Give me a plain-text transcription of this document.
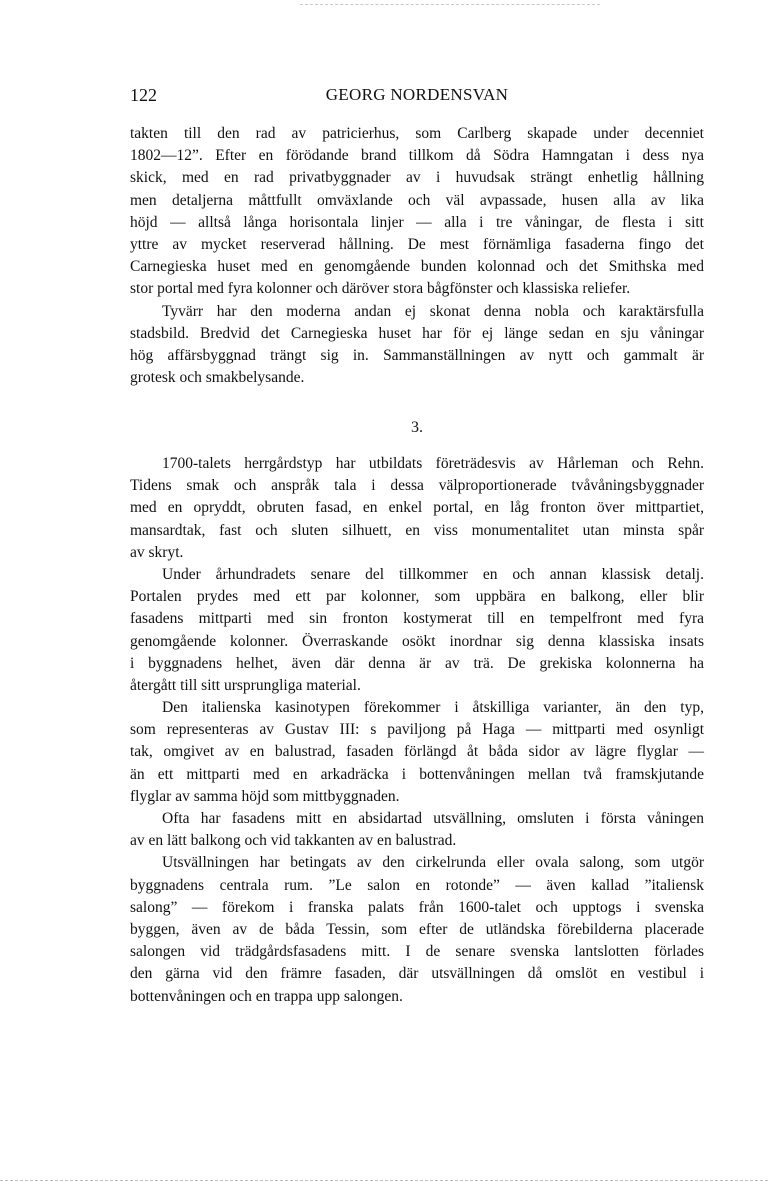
122	GEORG NORDENSVAN
takten till den rad av patricierhus, som Carlberg skapade under decenniet
1802—12”. Efter en förödande brand tillkom då Södra Hamngatan i dess nya
skick, med en rad privatbyggnader av i huvudsak strängt enhetlig hållning
men detaljerna måttfullt omväxlande och väl avpassade, husen alla av lika
höjd — alltså långa horisontala linjer — alla i tre våningar, de flesta i sitt
yttre av mycket reserverad hållning. De mest förnämliga fasaderna fingo det
Carnegieska huset med en genomgående bunden kolonnad och det Smithska med
stor portal med fyra kolonner och däröver stora bågfönster och klassiska reliefer.
Tyvärr har den moderna andan ej skonat denna nobla och karaktärsfulla
stadsbild. Bredvid det Carnegieska huset har för ej länge sedan en sju våningar
hög affärsbyggnad trängt sig in. Sammanställningen av nytt och gammalt är
grotesk och smakbelysande.
3.
1700-talets herrgårdstyp har utbildats företrädesvis av Hårleman och Rehn.
Tidens smak och anspråk tala i dessa välproportionerade tvåvåningsbyggnader
med en opryddt, obruten fasad, en enkel portal, en låg fronton över mittpartiet,
mansardtak, fast och sluten silhuett, en viss monumentalitet utan minsta spår
av skryt.
Under århundradets senare del tillkommer en och annan klassisk detalj.
Portalen prydes med ett par kolonner, som uppbära en balkong, eller blir
fasadens mittparti med sin fronton kostymerat till en tempelfront med fyra
genomgående kolonner. Överraskande osökt inordnar sig denna klassiska insats
i byggnadens helhet, även där denna är av trä. De grekiska kolonnerna ha
återgått till sitt ursprungliga material.
Den italienska kasinotypen förekommer i åtskilliga varianter, än den typ,
som representeras av Gustav III: s paviljong på Haga — mittparti med osynligt
tak, omgivet av en balustrad, fasaden förlängd åt båda sidor av lägre flyglar —
än ett mittparti med en arkadräcka i bottenvåningen mellan två framskjutande
flyglar av samma höjd som mittbyggnaden.
Ofta har fasadens mitt en absidartad utsvällning, omsluten i första våningen
av en lätt balkong och vid takkanten av en balustrad.
Utsvällningen har betingats av den cirkelrunda eller ovala salong, som utgör
byggnadens centrala rum. ”Le salon en rotonde” — även kallad ”italiensk
salong” — förekom i franska palats från 1600-talet och upptogs i svenska
byggen, även av de båda Tessin, som efter de utländska förebilderna placerade
salongen vid trädgårdsfasadens mitt. I de senare svenska lantslotten förlades
den gärna vid den främre fasaden, där utsvällningen då omslöt en vestibul i
bottenvåningen och en trappa upp salongen.
